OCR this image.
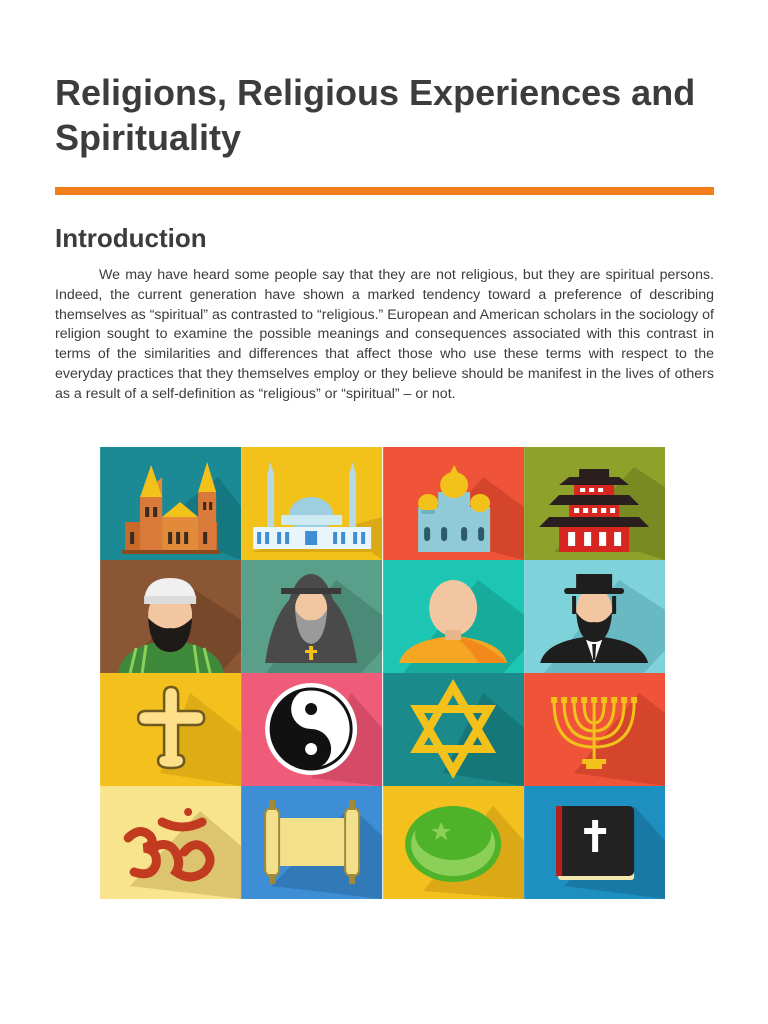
Religions, Religious Experiences and Spirituality
Introduction

We may have heard some people say that they are not religious, but they are spiritual persons. Indeed, the current generation have shown a marked tendency toward a preference of describing themselves as “spiritual” as contrasted to “religious.” European and American scholars in the sociology of religion sought to examine the possible meanings and consequences associated with this contrast in terms of the similarities and differences that affect those who use these terms with respect to the everyday practices that they themselves employ or they believe should be manifest in the lives of others as a result of a self-definition as “religious” or “spiritual” – or not.
